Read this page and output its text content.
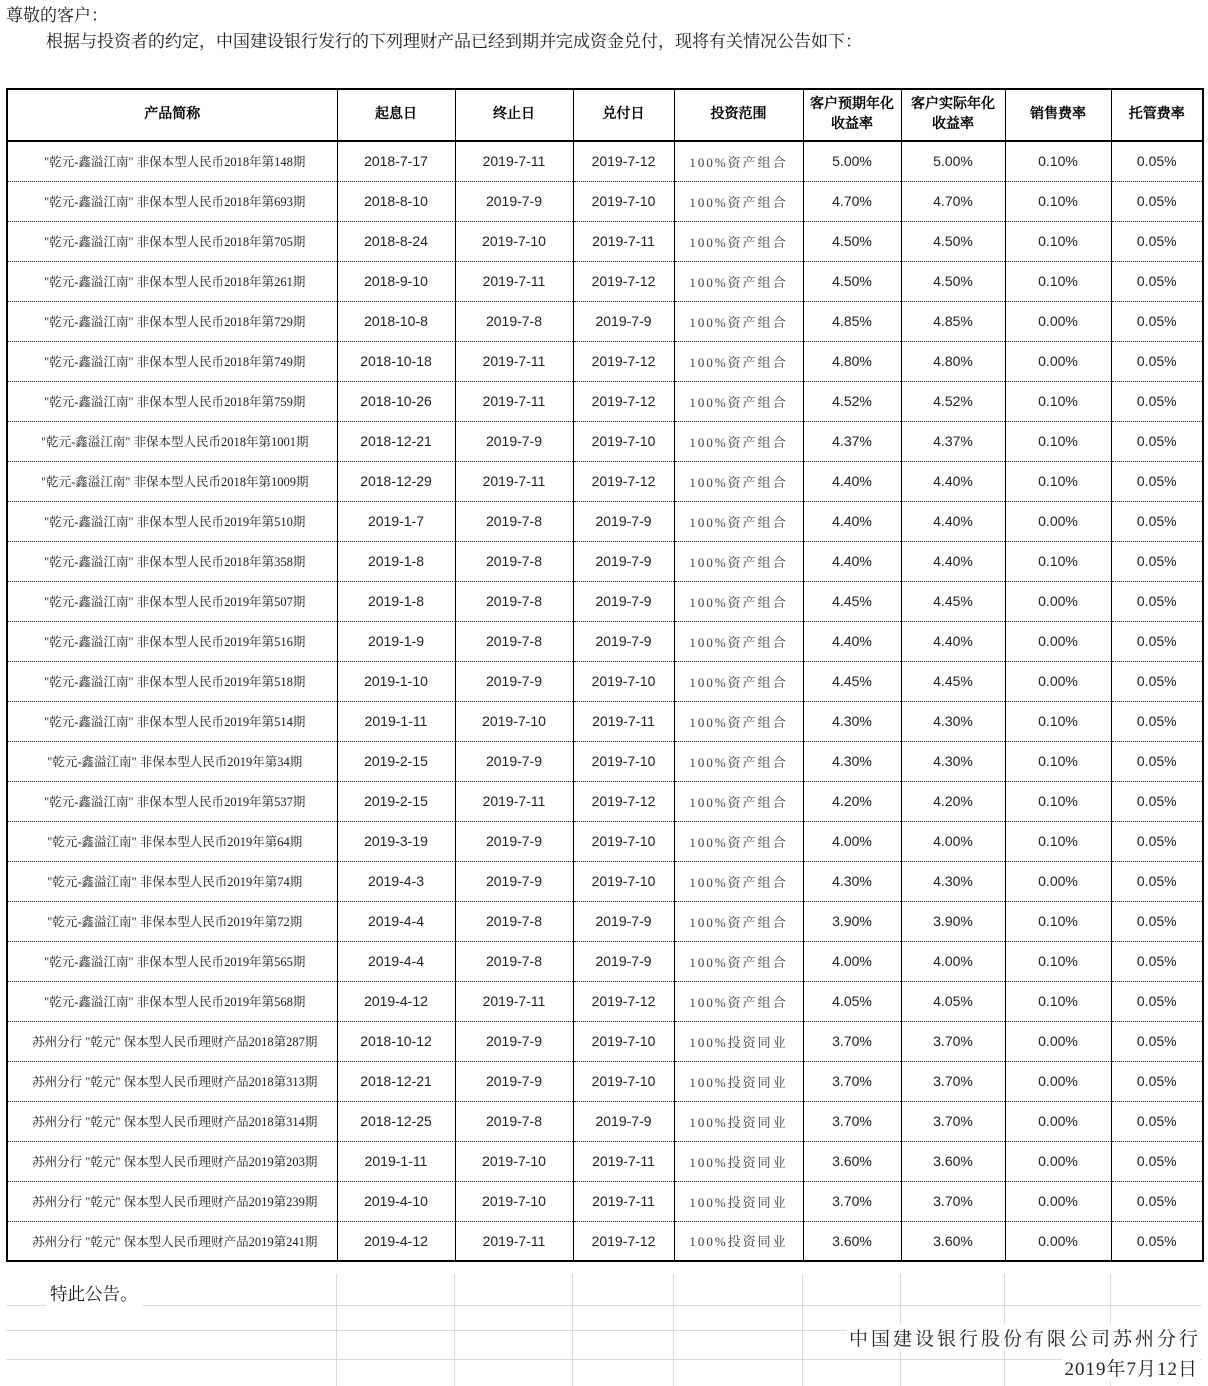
尊敬的客户：
根据与投资者的约定，中国建设银行发行的下列理财产品已经到期并完成资金兑付，现将有关情况公告如下：
产品简称	起息日	终止日	兑付日	投资范围	客户预期年化收益率	客户实际年化收益率	销售费率	托管费率
"乾元-鑫溢江南" 非保本型人民币2018年第148期	2018-7-17	2019-7-11	2019-7-12	100%资产组合	5.00%	5.00%	0.10%	0.05%
"乾元-鑫溢江南" 非保本型人民币2018年第693期	2018-8-10	2019-7-9	2019-7-10	100%资产组合	4.70%	4.70%	0.10%	0.05%
"乾元-鑫溢江南" 非保本型人民币2018年第705期	2018-8-24	2019-7-10	2019-7-11	100%资产组合	4.50%	4.50%	0.10%	0.05%
"乾元-鑫溢江南" 非保本型人民币2018年第261期	2018-9-10	2019-7-11	2019-7-12	100%资产组合	4.50%	4.50%	0.10%	0.05%
"乾元-鑫溢江南" 非保本型人民币2018年第729期	2018-10-8	2019-7-8	2019-7-9	100%资产组合	4.85%	4.85%	0.00%	0.05%
"乾元-鑫溢江南" 非保本型人民币2018年第749期	2018-10-18	2019-7-11	2019-7-12	100%资产组合	4.80%	4.80%	0.00%	0.05%
"乾元-鑫溢江南" 非保本型人民币2018年第759期	2018-10-26	2019-7-11	2019-7-12	100%资产组合	4.52%	4.52%	0.10%	0.05%
"乾元-鑫溢江南" 非保本型人民币2018年第1001期	2018-12-21	2019-7-9	2019-7-10	100%资产组合	4.37%	4.37%	0.10%	0.05%
"乾元-鑫溢江南" 非保本型人民币2018年第1009期	2018-12-29	2019-7-11	2019-7-12	100%资产组合	4.40%	4.40%	0.10%	0.05%
"乾元-鑫溢江南" 非保本型人民币2019年第510期	2019-1-7	2019-7-8	2019-7-9	100%资产组合	4.40%	4.40%	0.00%	0.05%
"乾元-鑫溢江南" 非保本型人民币2018年第358期	2019-1-8	2019-7-8	2019-7-9	100%资产组合	4.40%	4.40%	0.10%	0.05%
"乾元-鑫溢江南" 非保本型人民币2019年第507期	2019-1-8	2019-7-8	2019-7-9	100%资产组合	4.45%	4.45%	0.00%	0.05%
"乾元-鑫溢江南" 非保本型人民币2019年第516期	2019-1-9	2019-7-8	2019-7-9	100%资产组合	4.40%	4.40%	0.00%	0.05%
"乾元-鑫溢江南" 非保本型人民币2019年第518期	2019-1-10	2019-7-9	2019-7-10	100%资产组合	4.45%	4.45%	0.00%	0.05%
"乾元-鑫溢江南" 非保本型人民币2019年第514期	2019-1-11	2019-7-10	2019-7-11	100%资产组合	4.30%	4.30%	0.10%	0.05%
"乾元-鑫溢江南" 非保本型人民币2019年第34期	2019-2-15	2019-7-9	2019-7-10	100%资产组合	4.30%	4.30%	0.10%	0.05%
"乾元-鑫溢江南" 非保本型人民币2019年第537期	2019-2-15	2019-7-11	2019-7-12	100%资产组合	4.20%	4.20%	0.10%	0.05%
"乾元-鑫溢江南" 非保本型人民币2019年第64期	2019-3-19	2019-7-9	2019-7-10	100%资产组合	4.00%	4.00%	0.10%	0.05%
"乾元-鑫溢江南" 非保本型人民币2019年第74期	2019-4-3	2019-7-9	2019-7-10	100%资产组合	4.30%	4.30%	0.00%	0.05%
"乾元-鑫溢江南" 非保本型人民币2019年第72期	2019-4-4	2019-7-8	2019-7-9	100%资产组合	3.90%	3.90%	0.10%	0.05%
"乾元-鑫溢江南" 非保本型人民币2019年第565期	2019-4-4	2019-7-8	2019-7-9	100%资产组合	4.00%	4.00%	0.10%	0.05%
"乾元-鑫溢江南" 非保本型人民币2019年第568期	2019-4-12	2019-7-11	2019-7-12	100%资产组合	4.05%	4.05%	0.10%	0.05%
苏州分行 "乾元" 保本型人民币理财产品2018第287期	2018-10-12	2019-7-9	2019-7-10	100%投资同业	3.70%	3.70%	0.00%	0.05%
苏州分行 "乾元" 保本型人民币理财产品2018第313期	2018-12-21	2019-7-9	2019-7-10	100%投资同业	3.70%	3.70%	0.00%	0.05%
苏州分行 "乾元" 保本型人民币理财产品2018第314期	2018-12-25	2019-7-8	2019-7-9	100%投资同业	3.70%	3.70%	0.00%	0.05%
苏州分行 "乾元" 保本型人民币理财产品2019第203期	2019-1-11	2019-7-10	2019-7-11	100%投资同业	3.60%	3.60%	0.00%	0.05%
苏州分行 "乾元" 保本型人民币理财产品2019第239期	2019-4-10	2019-7-10	2019-7-11	100%投资同业	3.70%	3.70%	0.00%	0.05%
苏州分行 "乾元" 保本型人民币理财产品2019第241期	2019-4-12	2019-7-11	2019-7-12	100%投资同业	3.60%	3.60%	0.00%	0.05%
特此公告。
中国建设银行股份有限公司苏州分行
2019年7月12日
